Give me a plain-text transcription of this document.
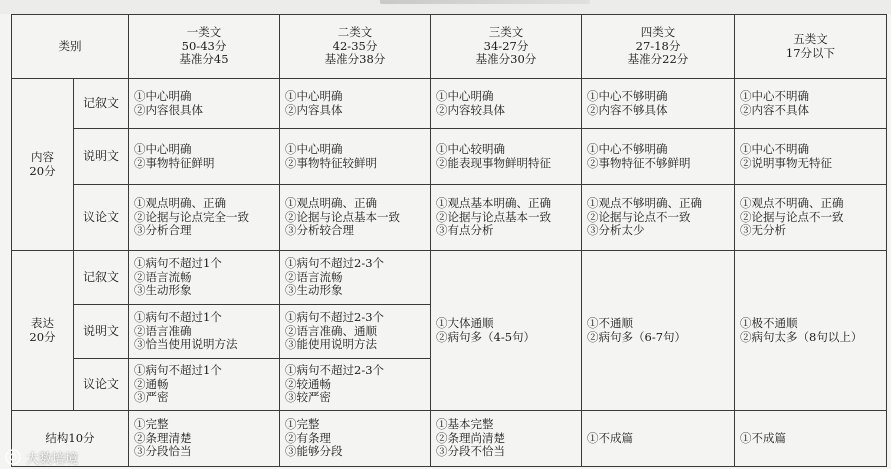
类别		一类文
50-43分
基准分45	二类文
42-35分
基准分38分	三类文
34-27分
基准分30分	四类文
27-18分
基准分22分	五类文
17分以下

内容
20分	记叙文	①中心明确
②内容很具体	①中心明确
②内容具体	①中心明确
②内容较具体	①中心不够明确
②内容不够具体	①中心不明确
②内容不具体

	说明文	①中心明确
②事物特征鲜明	①中心明确
②事物特征较鲜明	①中心较明确
②能表现事物鲜明特征	①中心不够明确
②事物特征不够鲜明	①中心不明确
②说明事物无特征

	议论文	①观点明确、正确
②论据与论点完全一致
③分析合理	①观点明确、正确
②论据与论点基本一致
③分析较合理	①观点基本明确、正确
②论据与论点基本一致
③有点分析	①观点不够明确、正确
②论据与论点不一致
③分析太少	①观点不明确、正确
②论据与论点不一致
③无分析

表达
20分	记叙文	①病句不超过1个
②语言流畅
③生动形象	①病句不超过2-3个
②语言流畅
③生动形象	①大体通顺
②病句多（4-5句）	①不通顺
②病句多（6-7句）	①极不通顺
②病句太多（8句以上）

	说明文	①病句不超过1个
②语言准确
③恰当使用说明方法	①病句不超过2-3个
②语言准确、通顺
③能使用说明方法			

	议论文	①病句不超过1个
②通畅
③严密	①病句不超过2-3个
②较通畅
③较严密			

结构10分		①完整
②条理清楚
③分段恰当	①完整
②有条理
③能够分段	①基本完整
②条理尚清楚
③分段不恰当	①不成篇	①不成篇
大数培境
